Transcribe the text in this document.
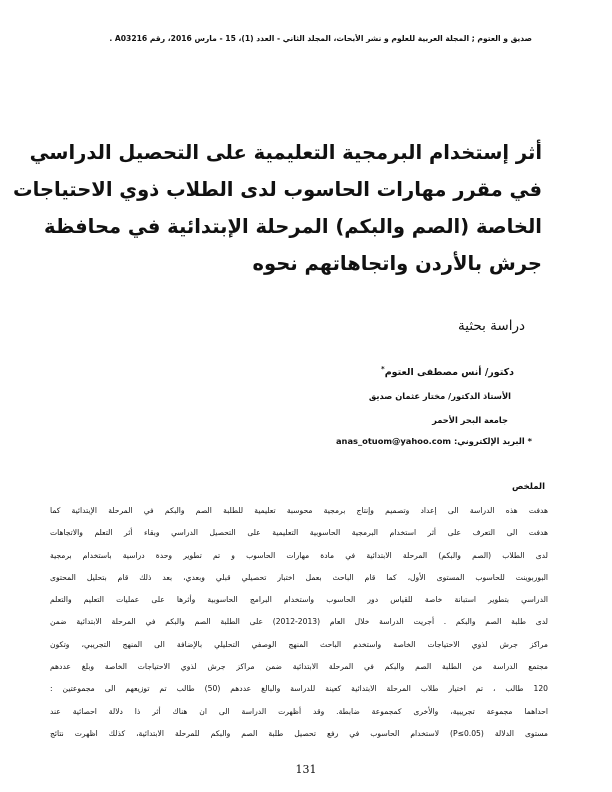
صديق و العتوم ; المجلة العربية للعلوم و نشر الأبحاث، المجلد الثاني - العدد (1)، 15 - مارس 2016، رقم A03216 .
أثر إستخدام البرمجية التعليمية على التحصيل الدراسي
في مقرر مهارات الحاسوب لدى الطلاب ذوي الاحتياجات
الخاصة (الصم والبكم) المرحلة الإبتدائية في محافظة
جرش بالأردن واتجاهاتهم نحوه
دراسة بحثية
دكتور/ أنس مصطفى العتوم*
الأستاذ الدكتور/ مختار عثمان صديق
جامعة البحر الأحمر
* البريد الإلكتروني: anas_otuom@yahoo.com
الملخص
هدفت هذه الدراسة الى إعداد وتصميم وإنتاج برمجية محوسبة تعليمية للطلبة الصم والبكم في المرحلة الإبتدائية كما
هدفت الى التعرف على أثر استخدام البرمجية الحاسوبية التعليمية على التحصيل الدراسي وبقاء أثر التعلم والاتجاهات
لدى الطلاب (الصم والبكم) المرحلة الابتدائية في مادة مهارات الحاسوب و تم تطوير وحدة دراسية باستخدام برمجية
البوربوينت للحاسوب المستوى الأول، كما قام الباحث بعمل اختبار تحصيلي قبلي وبعدي، بعد ذلك قام بتحليل المحتوى
الدراسي بتطوير استبانة خاصة للقياس دور الحاسوب واستخدام البرامج الحاسوبية وأثرها على عمليات التعليم والتعلم
لدى طلبة الصم والبكم . أجريت الدراسة خلال العام (2013-2012) على الطلبة الصم والبكم في المرحلة الابتدائية ضمن
مراكز جرش لذوي الاحتياجات الخاصة واستخدم الباحث المنهج الوصفي التحليلي بالإضافة الى المنهج التجريبي، وتكون
مجتمع الدراسة من الطلبة الصم والبكم في المرحلة الابتدائية ضمن مراكز جرش لذوي الاحتياجات الخاصة وبلغ عددهم
120 طالب ، تم اختيار طلاب المرحلة الابتدائية كعينة للدراسة والبالغ عددهم (50) طالب تم توزيعهم الى مجموعتين :
احداهما مجموعة تجريبية، والأخرى كمجموعة ضابطة. وقد أظهرت الدراسة الى ان هناك أثر ذا دلالة احصائية عند
مستوى الدلالة (P≤0.05) لاستخدام الحاسوب في رفع تحصيل طلبة الصم والبكم للمرحلة الابتدائية، كذلك اظهرت نتائج
131
